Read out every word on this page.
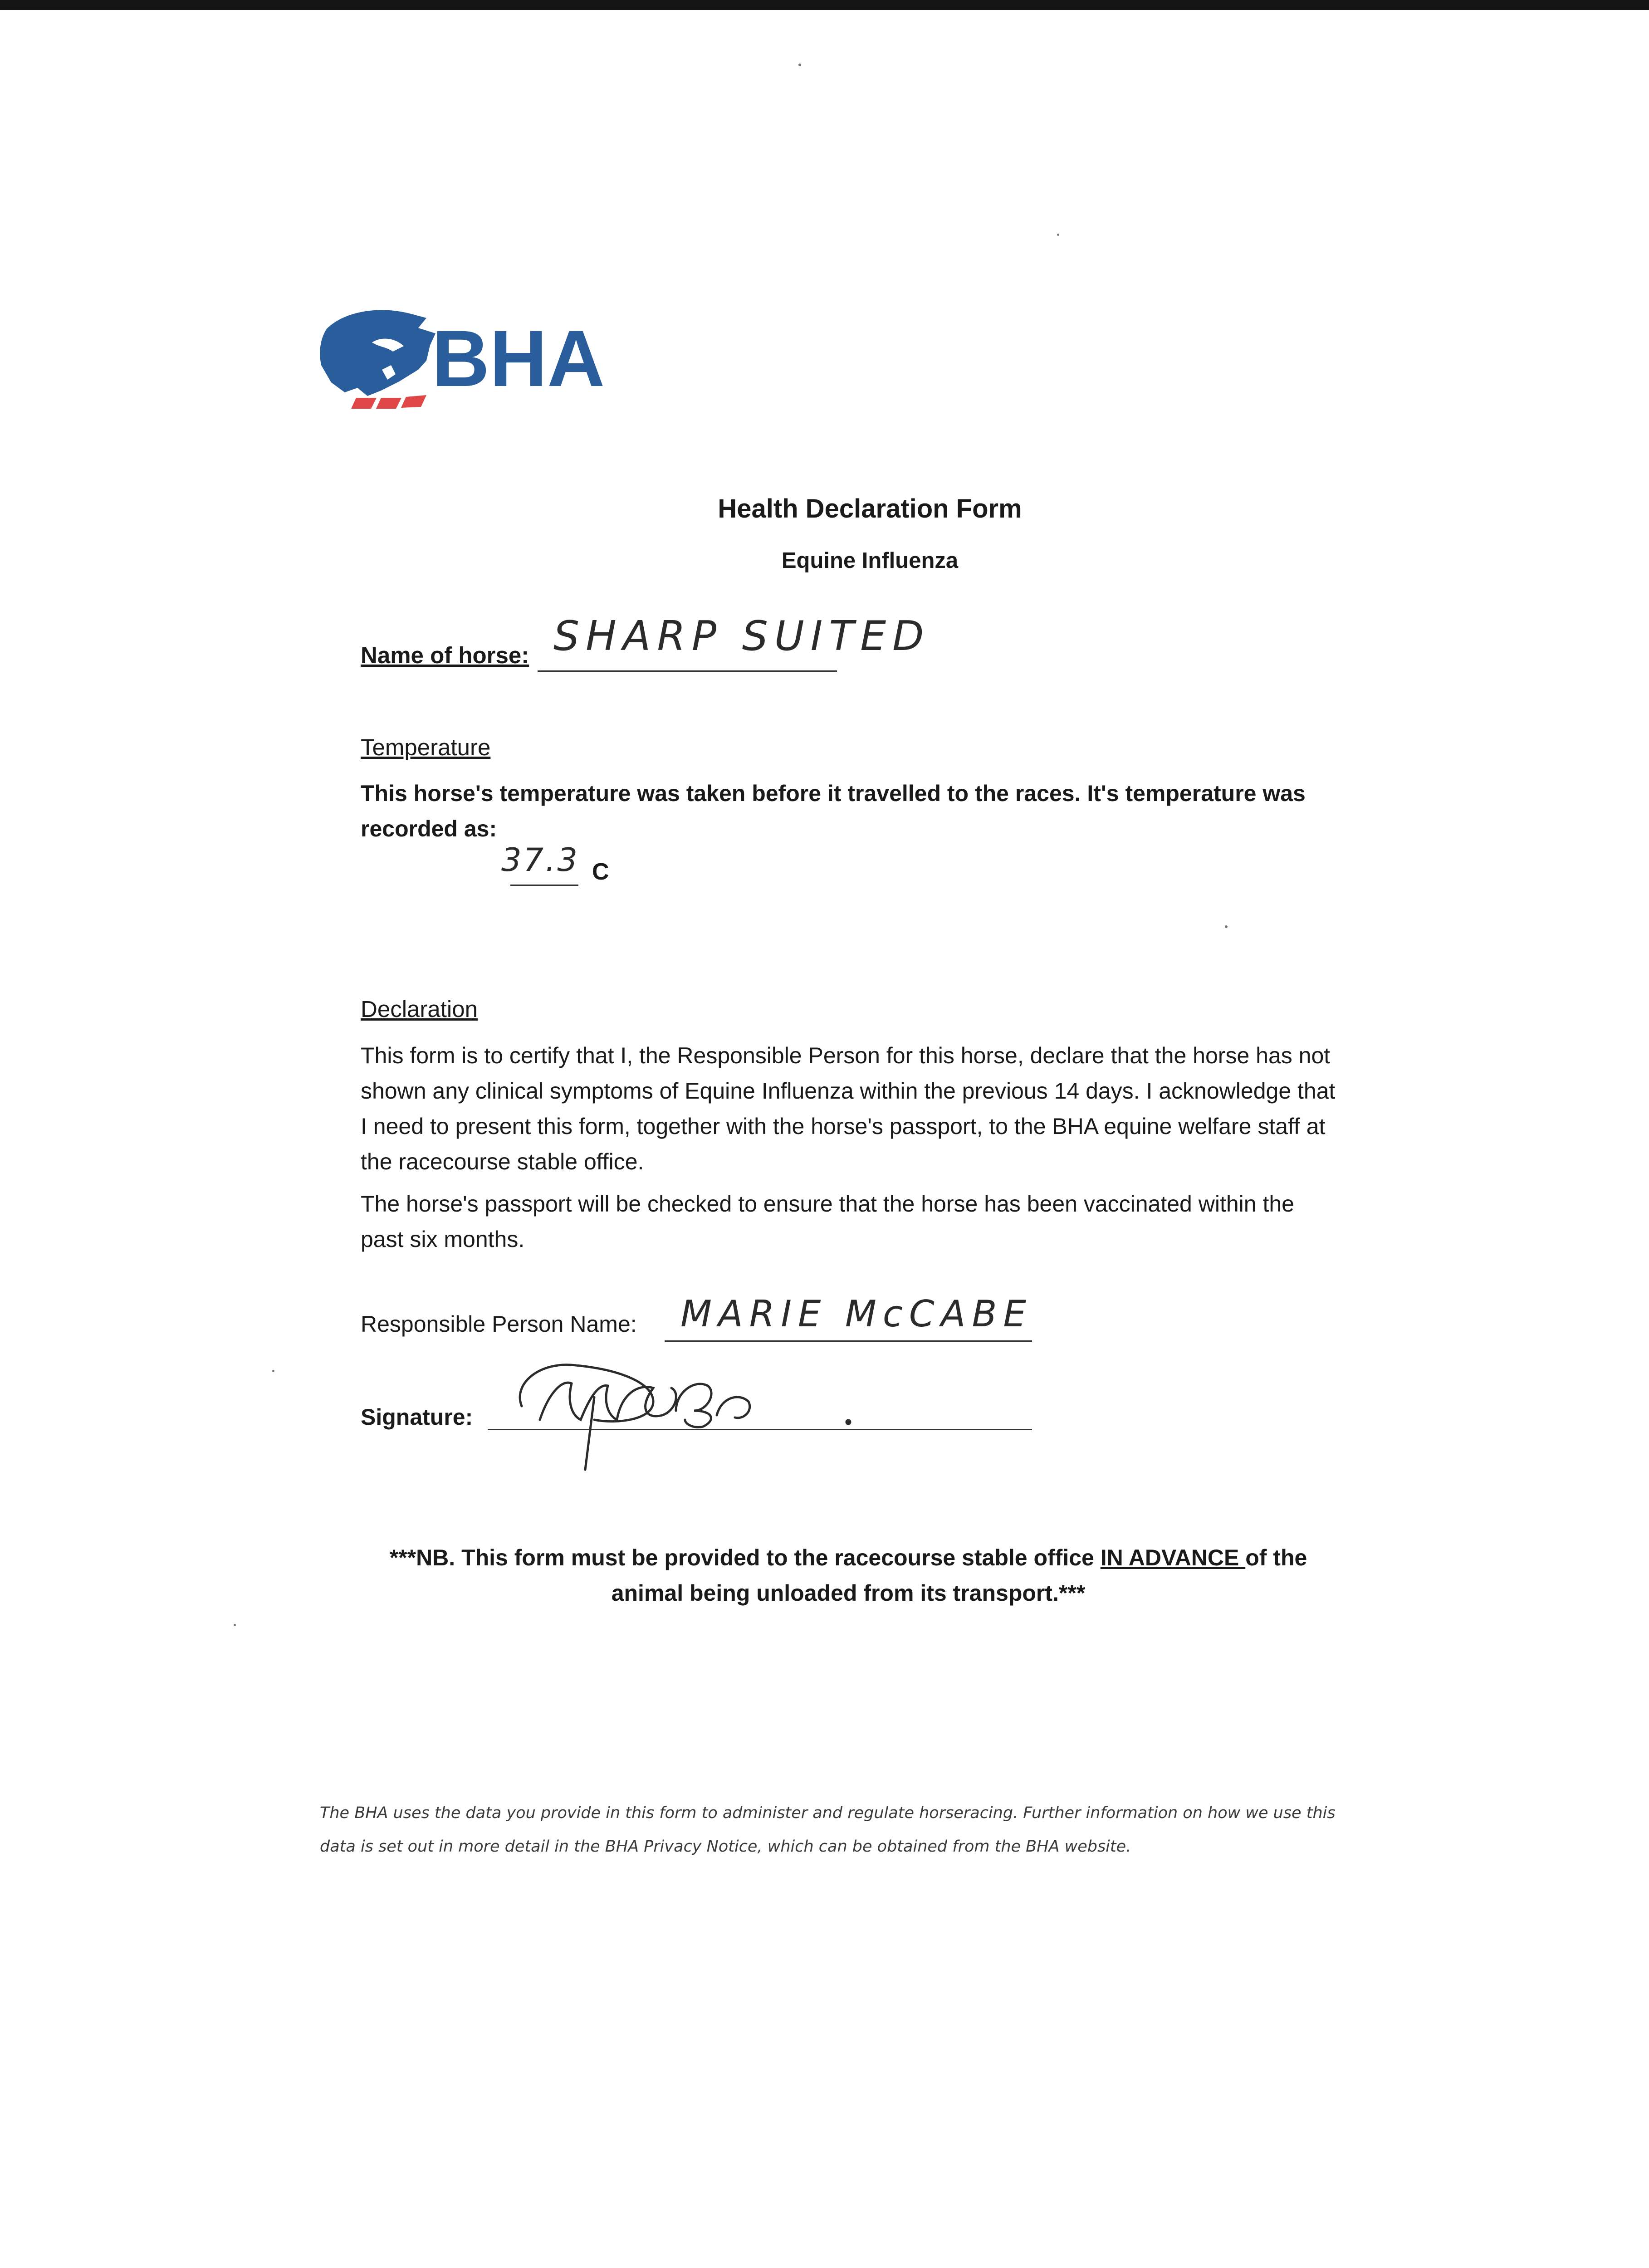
BHA
Health Declaration Form
Equine Influenza
Name of horse: SHARP SUITED
Temperature
This horse's temperature was taken before it travelled to the races. It's temperature was recorded as:
37.3 C
Declaration
This form is to certify that I, the Responsible Person for this horse, declare that the horse has not shown any clinical symptoms of Equine Influenza within the previous 14 days. I acknowledge that I need to present this form, together with the horse's passport, to the BHA equine welfare staff at the racecourse stable office.
The horse's passport will be checked to ensure that the horse has been vaccinated within the past six months.
Responsible Person Name: MARIE McCABE
Signature:
***NB. This form must be provided to the racecourse stable office IN ADVANCE of the animal being unloaded from its transport.***
The BHA uses the data you provide in this form to administer and regulate horseracing. Further information on how we use this data is set out in more detail in the BHA Privacy Notice, which can be obtained from the BHA website.
